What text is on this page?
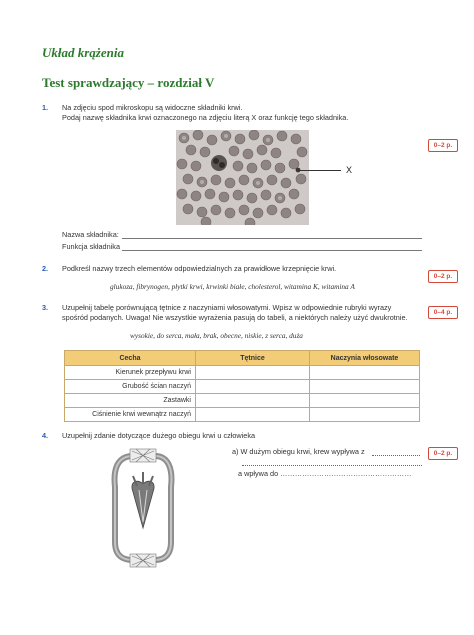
Układ krążenia
Test sprawdzający – rozdział V
1. Na zdjęciu spod mikroskopu są widoczne składniki krwi.
Podaj nazwę składnika krwi oznaczonego na zdjęciu literą X oraz funkcję tego składnika.
0–2 p.
X
Nazwa składnika:
Funkcja składnika
2. Podkreśl nazwy trzech elementów odpowiedzialnych za prawidłowe krzepnięcie krwi.
0–2 p.
glukoza, fibrynogen, płytki krwi, krwinki białe, cholesterol, witamina K, witamina A
3. Uzupełnij tabelę porównującą tętnice z naczyniami włosowatymi. Wpisz w odpowiednie rubryki wyrazy
spośród podanych. Uwaga! Nie wszystkie wyrażenia pasują do tabeli, a niektórych należy użyć dwukrotnie.
0–4 p.
wysokie, do serca, mała, brak, obecne, niskie, z serca, duża
Cecha	Tętnice	Naczynia włosowate
Kierunek przepływu krwi		
Grubość ścian naczyń		
Zastawki		
Ciśnienie krwi wewnątrz naczyń		
4. Uzupełnij zdanie dotyczące dużego obiegu krwi u człowieka
0–2 p.
a) W dużym obiegu krwi, krew wypływa z
a wpływa do ………………………………………………
